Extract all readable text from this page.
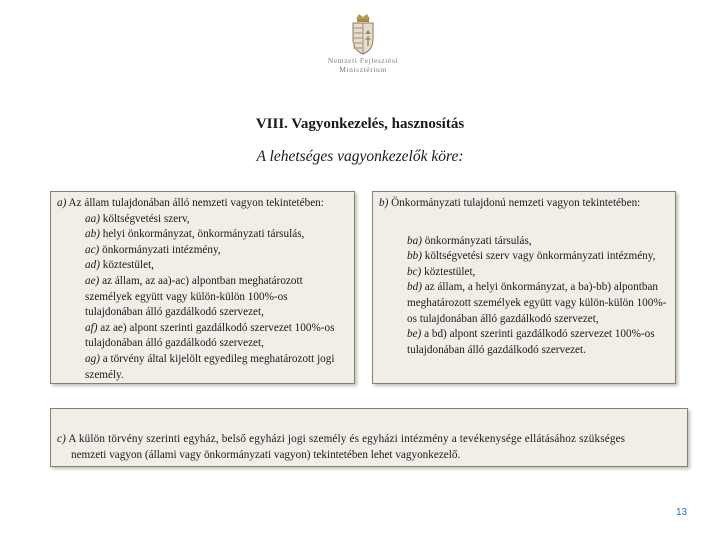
Nemzeti Fejlesztési
Minisztérium
VIII. Vagyonkezelés, hasznosítás
A lehetséges vagyonkezelők köre:

a) Az állam tulajdonában álló nemzeti vagyon tekintetében:

aa) költségvetési szerv,

ab) helyi önkormányzat, önkormányzati társulás,

ac) önkormányzati intézmény,

ad) köztestület,

ae) az állam, az aa)-ac) alpontban meghatározott személyek együtt vagy külön-külön 100%-os tulajdonában álló gazdálkodó szervezet,

af) az ae) alpont szerinti gazdálkodó szervezet 100%-os tulajdonában álló gazdálkodó szervezet,

ag) a törvény által kijelölt egyedileg meghatározott jogi személy.

b) Önkormányzati tulajdonú nemzeti vagyon tekintetében:

ba) önkormányzati társulás,

bb) költségvetési szerv vagy önkormányzati intézmény,

bc) köztestület,

bd) az állam, a helyi önkormányzat, a ba)-bb) alpontban meghatározott személyek együtt vagy külön-külön 100%-os tulajdonában álló gazdálkodó szervezet,

be) a bd) alpont szerinti gazdálkodó szervezet 100%-os tulajdonában álló gazdálkodó szervezet.

c) A külön törvény szerinti egyház, belső egyházi jogi személy és egyházi intézmény a tevékenysége ellátásához szükséges
nemzeti vagyon (állami vagy önkormányzati vagyon) tekintetében lehet vagyonkezelő.

13
